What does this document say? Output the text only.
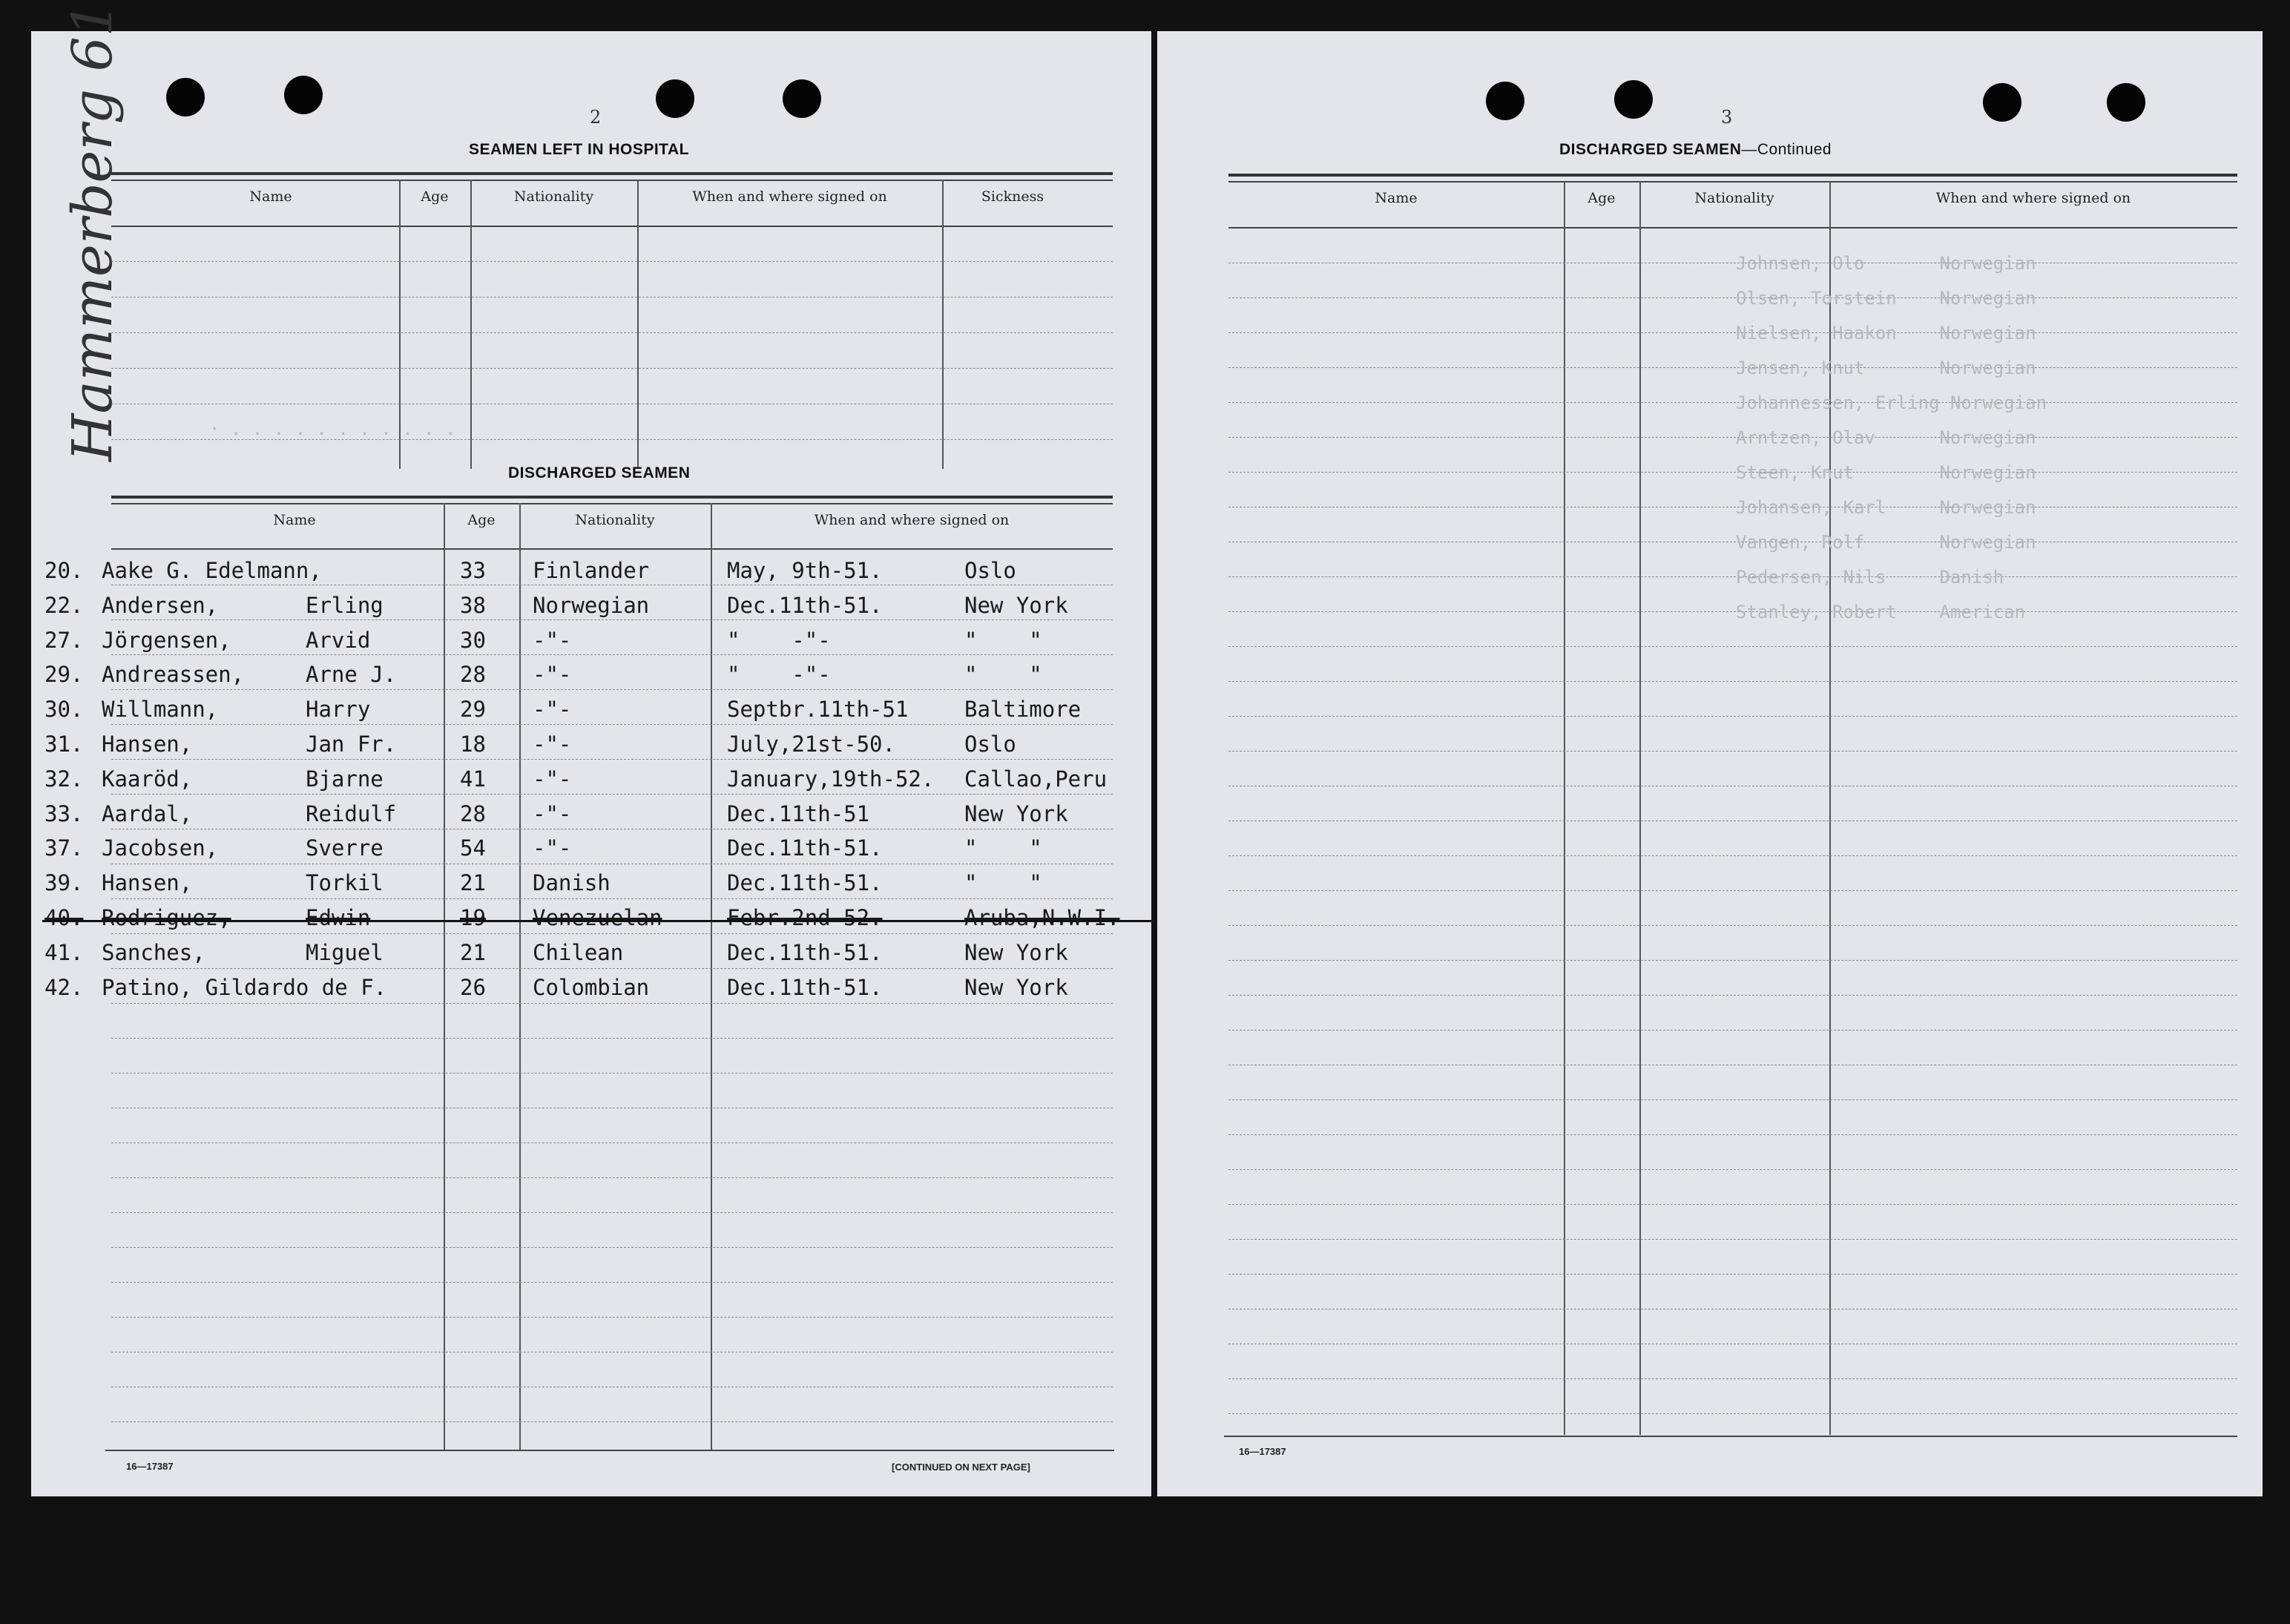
Hammerberg 61	2
SEAMEN LEFT IN HOSPITAL
Name	Age	Nationality	When and where signed on	Sickness
DISCHARGED SEAMEN
Name	Age	Nationality	When and where signed on
20. Aake G. Edelmann,	33 Finlander	May, 9th-51.	Oslo
22. Andersen,	Erling	38 Norwegian	Dec.11th-51.	New York
27. Jörgensen,	Arvid	30 -"-	"    -"-	"    "
29. Andreassen,	Arne J.	28 -"-	"    -"-	"    "
30. Willmann,	Harry	29 -"-	Septbr.11th-51	Baltimore
31. Hansen,	Jan Fr.	18 -"-	July,21st-50.	Oslo
32. Kaaröd,	Bjarne	41 -"-	January,19th-52. Callao,Peru
33. Aardal,	Reidulf	28 -"-	Dec.11th-51	New York
37. Jacobsen,	Sverre	54 -"-	Dec.11th-51.	"    "
39. Hansen,	Torkil	21 Danish	Dec.11th-51.	"    "
40. Rodriguez,	Edwin	19 Venezuelan	Febr.2nd-52.	Aruba,N.W.I.
41. Sanches,	Miguel	21 Chilean	Dec.11th-51.	New York
42. Patino, Gildardo de F.	26 Colombian	Dec.11th-51.	New York
· . . . . . . . . . . .
16—17387	[CONTINUED ON NEXT PAGE]
3
DISCHARGED SEAMEN—Continued
Name	Age	Nationality	When and where signed on
Johnsen, Olo       Norwegian
Olsen, Torstein    Norwegian
Nielsen, Haakon    Norwegian
Jensen, Knut       Norwegian
Johannessen, Erling Norwegian
Arntzen, Olav      Norwegian
Steen, Knut        Norwegian
Johansen, Karl     Norwegian
Vangen, Rolf       Norwegian
Pedersen, Nils     Danish
Stanley, Robert    American
16—17387
